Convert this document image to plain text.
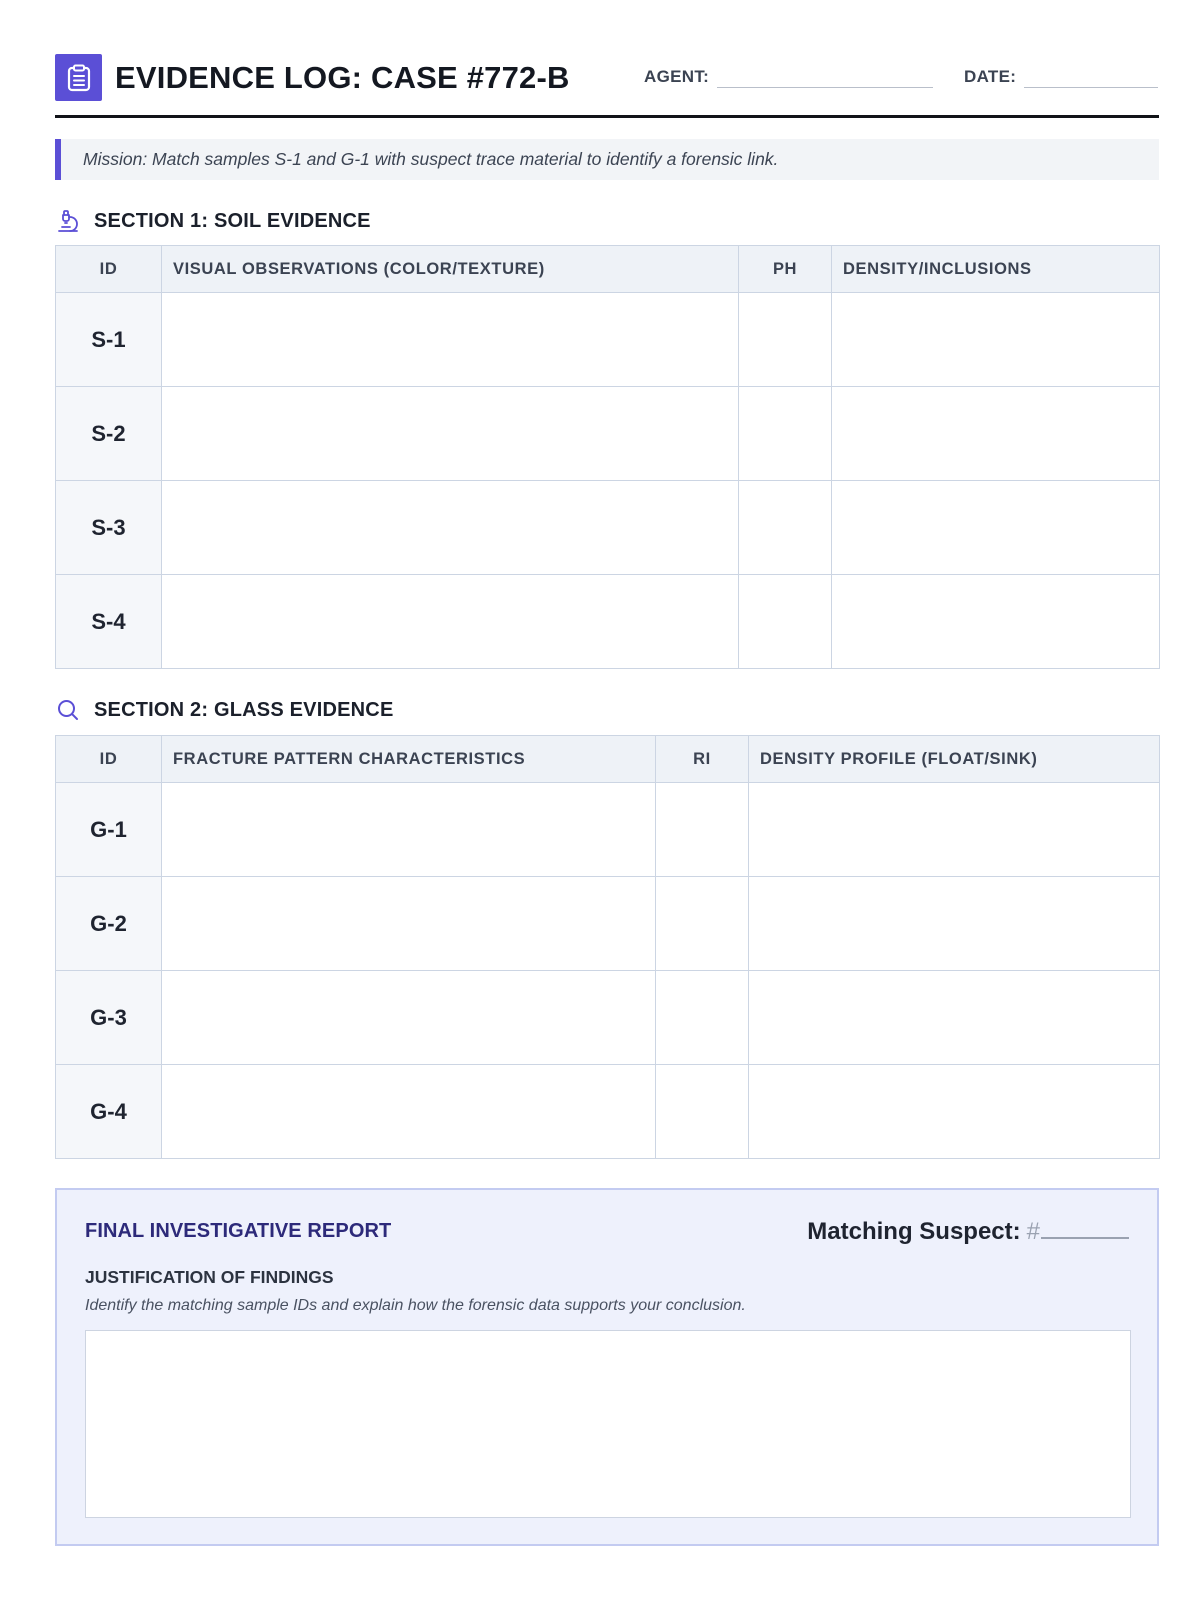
EVIDENCE LOG: CASE #772-B	AGENT:	DATE:
Mission: Match samples S-1 and G-1 with suspect trace material to identify a forensic link.
SECTION 1: SOIL EVIDENCE
ID	VISUAL OBSERVATIONS (COLOR/TEXTURE)	PH	DENSITY/INCLUSIONS
S-1			
S-2			
S-3			
S-4			
SECTION 2: GLASS EVIDENCE
ID	FRACTURE PATTERN CHARACTERISTICS	RI	DENSITY PROFILE (FLOAT/SINK)
G-1			
G-2			
G-3			
G-4			
FINAL INVESTIGATIVE REPORT	Matching Suspect: #
JUSTIFICATION OF FINDINGS
Identify the matching sample IDs and explain how the forensic data supports your conclusion.
